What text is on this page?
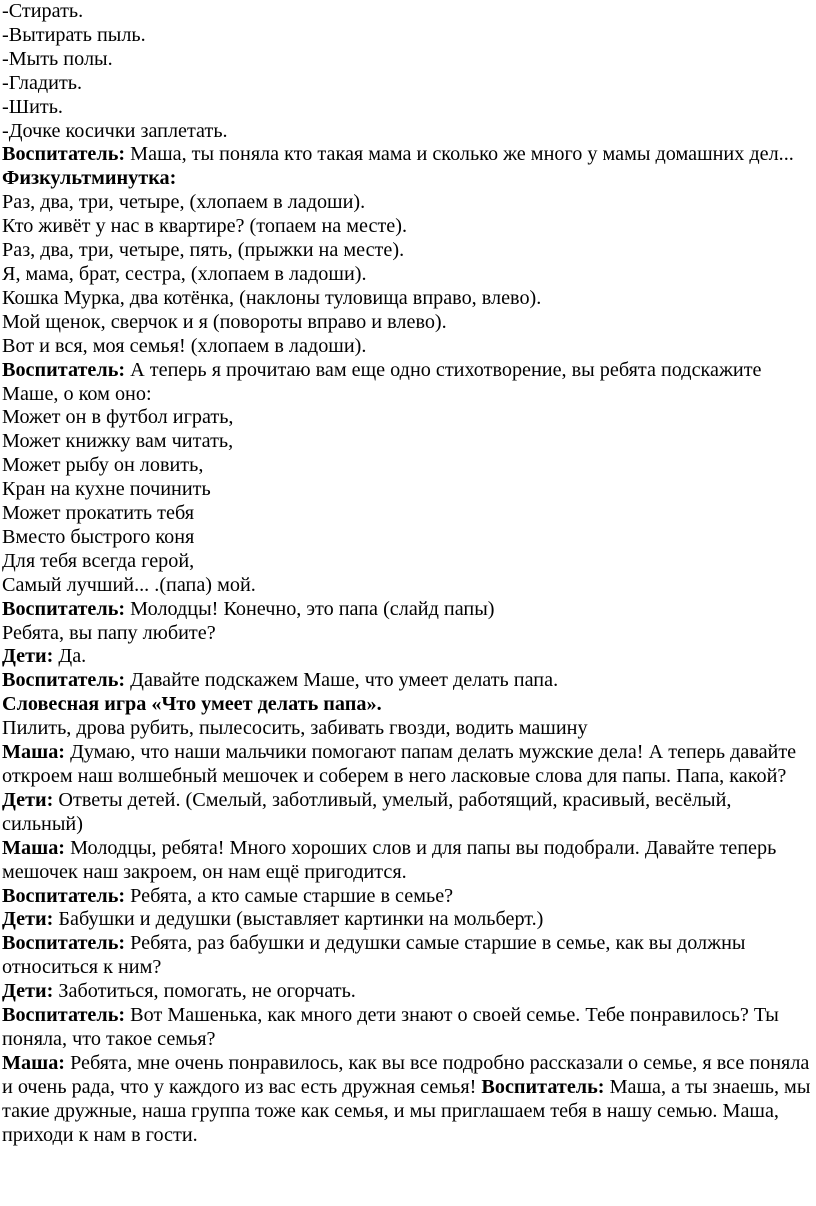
-Стирать.

-Вытирать пыль.

-Мыть полы.

-Гладить.

-Шить.

-Дочке косички заплетать.

Воспитатель: Маша, ты поняла кто такая мама и сколько же много у мамы домашних дел...

Физкультминутка:

Раз, два, три, четыре, (хлопаем в ладоши).

Кто живёт у нас в квартире? (топаем на месте).

Раз, два, три, четыре, пять, (прыжки на месте).

Я, мама, брат, сестра, (хлопаем в ладоши).

Кошка Мурка, два котёнка, (наклоны туловища вправо, влево).

Мой щенок, сверчок и я (повороты вправо и влево).

Вот и вся, моя семья! (хлопаем в ладоши).

Воспитатель: А теперь я прочитаю вам еще одно стихотворение, вы ребята подскажите Маше, о ком оно:

Может он в футбол играть,

Может книжку вам читать,

Может рыбу он ловить,

Кран на кухне починить

Может прокатить тебя

Вместо быстрого коня

Для тебя всегда герой,

Самый лучший... .(папа) мой.

Воспитатель: Молодцы! Конечно, это папа (слайд папы)

Ребята, вы папу любите?

Дети: Да.

Воспитатель: Давайте подскажем Маше, что умеет делать папа.

Словесная игра «Что умеет делать папа».

Пилить, дрова рубить, пылесосить, забивать гвозди, водить машину

Маша: Думаю, что наши мальчики помогают папам делать мужские дела! А теперь давайте откроем наш волшебный мешочек и соберем в него ласковые слова для папы. Папа, какой?

Дети: Ответы детей. (Смелый, заботливый, умелый, работящий, красивый, весёлый, сильный)

Маша: Молодцы, ребята! Много хороших слов и для папы вы подобрали. Давайте теперь мешочек наш закроем, он нам ещё пригодится.

Воспитатель: Ребята, а кто самые старшие в семье?

Дети: Бабушки и дедушки (выставляет картинки на мольберт.)

Воспитатель: Ребята, раз бабушки и дедушки самые старшие в семье, как вы должны относиться к ним?

Дети: Заботиться, помогать, не огорчать.

Воспитатель: Вот Машенька, как много дети знают о своей семье. Тебе понравилось? Ты поняла, что такое семья?

Маша: Ребята, мне очень понравилось, как вы все подробно рассказали о семье, я все поняла и очень рада, что у каждого из вас есть дружная семья! Воспитатель: Маша, а ты знаешь, мы такие дружные, наша группа тоже как семья, и мы приглашаем тебя в нашу семью. Маша, приходи к нам в гости.
